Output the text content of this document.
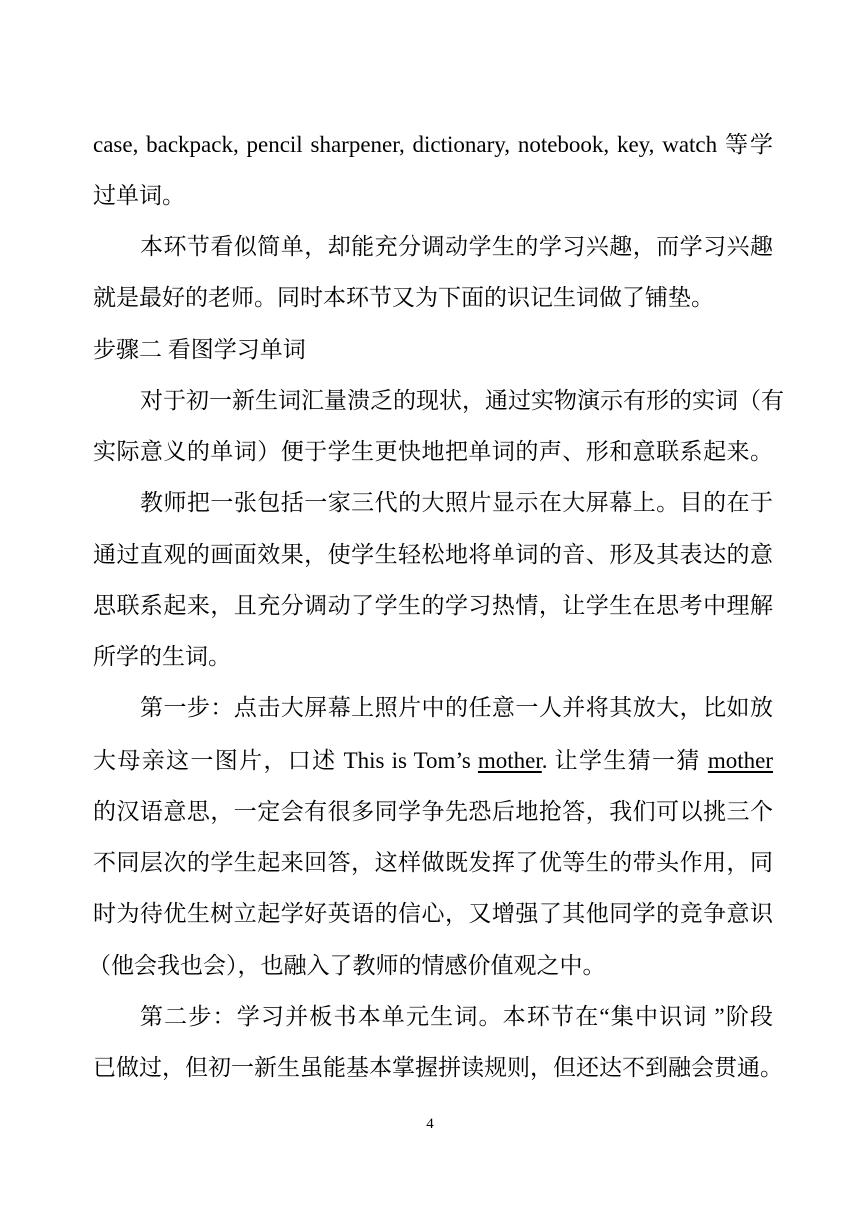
case, backpack, pencil sharpener, dictionary, notebook, key, watch 等学
过单词。
本环节看似简单，却能充分调动学生的学习兴趣，而学习兴趣
就是最好的老师。同时本环节又为下面的识记生词做了铺垫。
步骤二 看图学习单词
对于初一新生词汇量溃乏的现状，通过实物演示有形的实词（有
实际意义的单词）便于学生更快地把单词的声、形和意联系起来。
教师把一张包括一家三代的大照片显示在大屏幕上。目的在于
通过直观的画面效果，使学生轻松地将单词的音、形及其表达的意
思联系起来，且充分调动了学生的学习热情，让学生在思考中理解
所学的生词。
第一步：点击大屏幕上照片中的任意一人并将其放大，比如放
大母亲这一图片，口述 This is Tom’s mother. 让学生猜一猜 mother
的汉语意思，一定会有很多同学争先恐后地抢答，我们可以挑三个
不同层次的学生起来回答，这样做既发挥了优等生的带头作用，同
时为待优生树立起学好英语的信心，又增强了其他同学的竞争意识
（他会我也会），也融入了教师的情感价值观之中。
第二步：学习并板书本单元生词。本环节在“集中识词 ”阶段
已做过，但初一新生虽能基本掌握拼读规则，但还达不到融会贯通。
4
